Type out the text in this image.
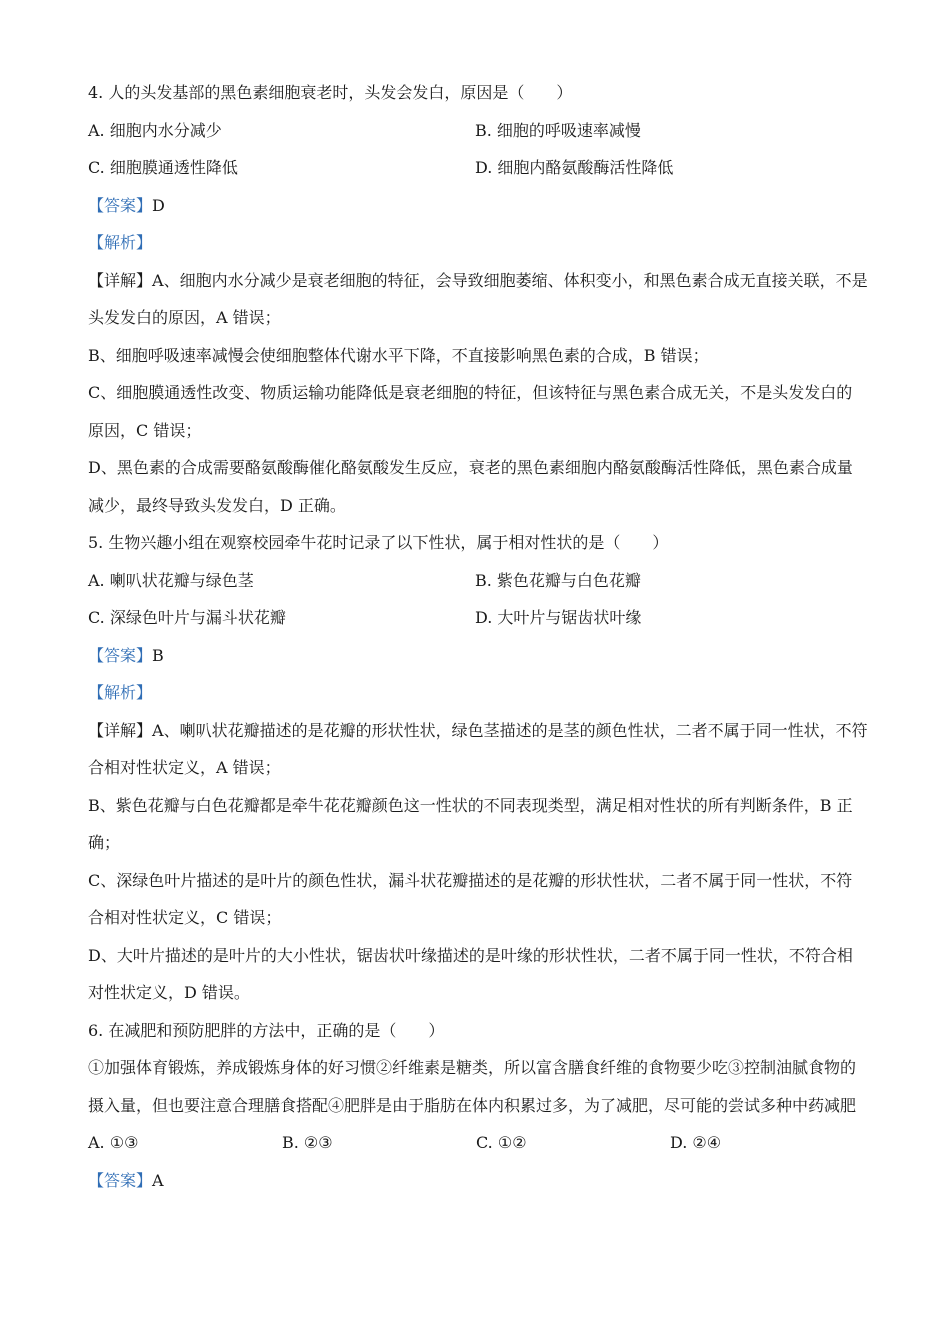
4. 人的头发基部的黑色素细胞衰老时，头发会发白，原因是（　　）
A. 细胞内水分减少	B. 细胞的呼吸速率减慢
C. 细胞膜通透性降低	D. 细胞内酪氨酸酶活性降低
【答案】D
【解析】
【详解】A、细胞内水分减少是衰老细胞的特征，会导致细胞萎缩、体积变小，和黑色素合成无直接关联，不是头发发白的原因，A 错误；
B、细胞呼吸速率减慢会使细胞整体代谢水平下降，不直接影响黑色素的合成，B 错误；
C、细胞膜通透性改变、物质运输功能降低是衰老细胞的特征，但该特征与黑色素合成无关，不是头发发白的原因，C 错误；
D、黑色素的合成需要酪氨酸酶催化酪氨酸发生反应，衰老的黑色素细胞内酪氨酸酶活性降低，黑色素合成量减少，最终导致头发发白，D 正确。
5. 生物兴趣小组在观察校园牵牛花时记录了以下性状，属于相对性状的是（　　）
A. 喇叭状花瓣与绿色茎	B. 紫色花瓣与白色花瓣
C. 深绿色叶片与漏斗状花瓣	D. 大叶片与锯齿状叶缘
【答案】B
【解析】
【详解】A、喇叭状花瓣描述的是花瓣的形状性状，绿色茎描述的是茎的颜色性状，二者不属于同一性状，不符合相对性状定义，A 错误；
B、紫色花瓣与白色花瓣都是牵牛花花瓣颜色这一性状的不同表现类型，满足相对性状的所有判断条件，B 正确；
C、深绿色叶片描述的是叶片的颜色性状，漏斗状花瓣描述的是花瓣的形状性状，二者不属于同一性状，不符合相对性状定义，C 错误；
D、大叶片描述的是叶片的大小性状，锯齿状叶缘描述的是叶缘的形状性状，二者不属于同一性状，不符合相对性状定义，D 错误。
6. 在减肥和预防肥胖的方法中，正确的是（　　）
①加强体育锻炼，养成锻炼身体的好习惯②纤维素是糖类，所以富含膳食纤维的食物要少吃③控制油腻食物的摄入量，但也要注意合理膳食搭配④肥胖是由于脂肪在体内积累过多，为了减肥，尽可能的尝试多种中药减肥
A. ①③	B. ②③	C. ①②	D. ②④
【答案】A
